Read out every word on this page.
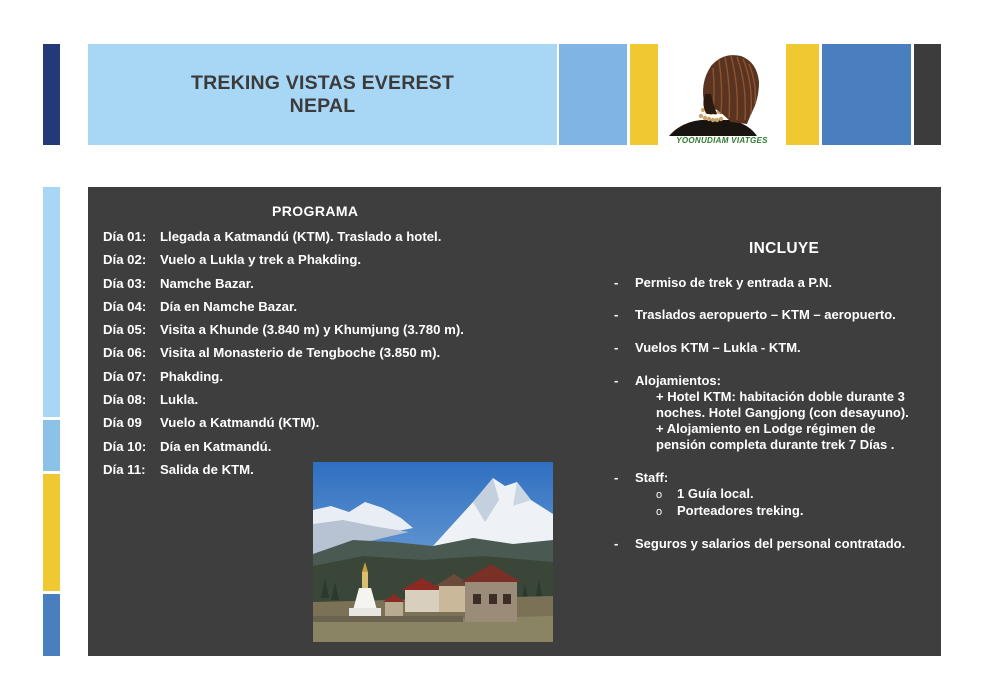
TREKING VISTAS EVEREST
NEPAL
YOONUDIAM VIATGES
PROGRAMA
Día 01:	Llegada a Katmandú (KTM). Traslado a hotel.
Día 02:	Vuelo a Lukla y trek a Phakding.
Día 03:	Namche Bazar.
Día 04:	Día en Namche Bazar.
Día 05:	Visita a Khunde (3.840 m) y Khumjung (3.780 m).
Día 06:	Visita al Monasterio de Tengboche (3.850 m).
Día 07:	Phakding.
Día 08:	Lukla.
Día 09	Vuelo a Katmandú (KTM).
Día 10:	Día en Katmandú.
Día 11:	Salida de KTM.
INCLUYE
- Permiso de trek y entrada a P.N.
- Traslados aeropuerto – KTM – aeropuerto.
- Vuelos KTM – Lukla - KTM.
- Alojamientos:
+ Hotel KTM: habitación doble durante 3
noches. Hotel Gangjong (con desayuno).
+ Alojamiento en Lodge régimen de
pensión completa durante trek 7 Días .
- Staff:
o 1 Guía local.
o Porteadores treking.
- Seguros y salarios del personal contratado.
